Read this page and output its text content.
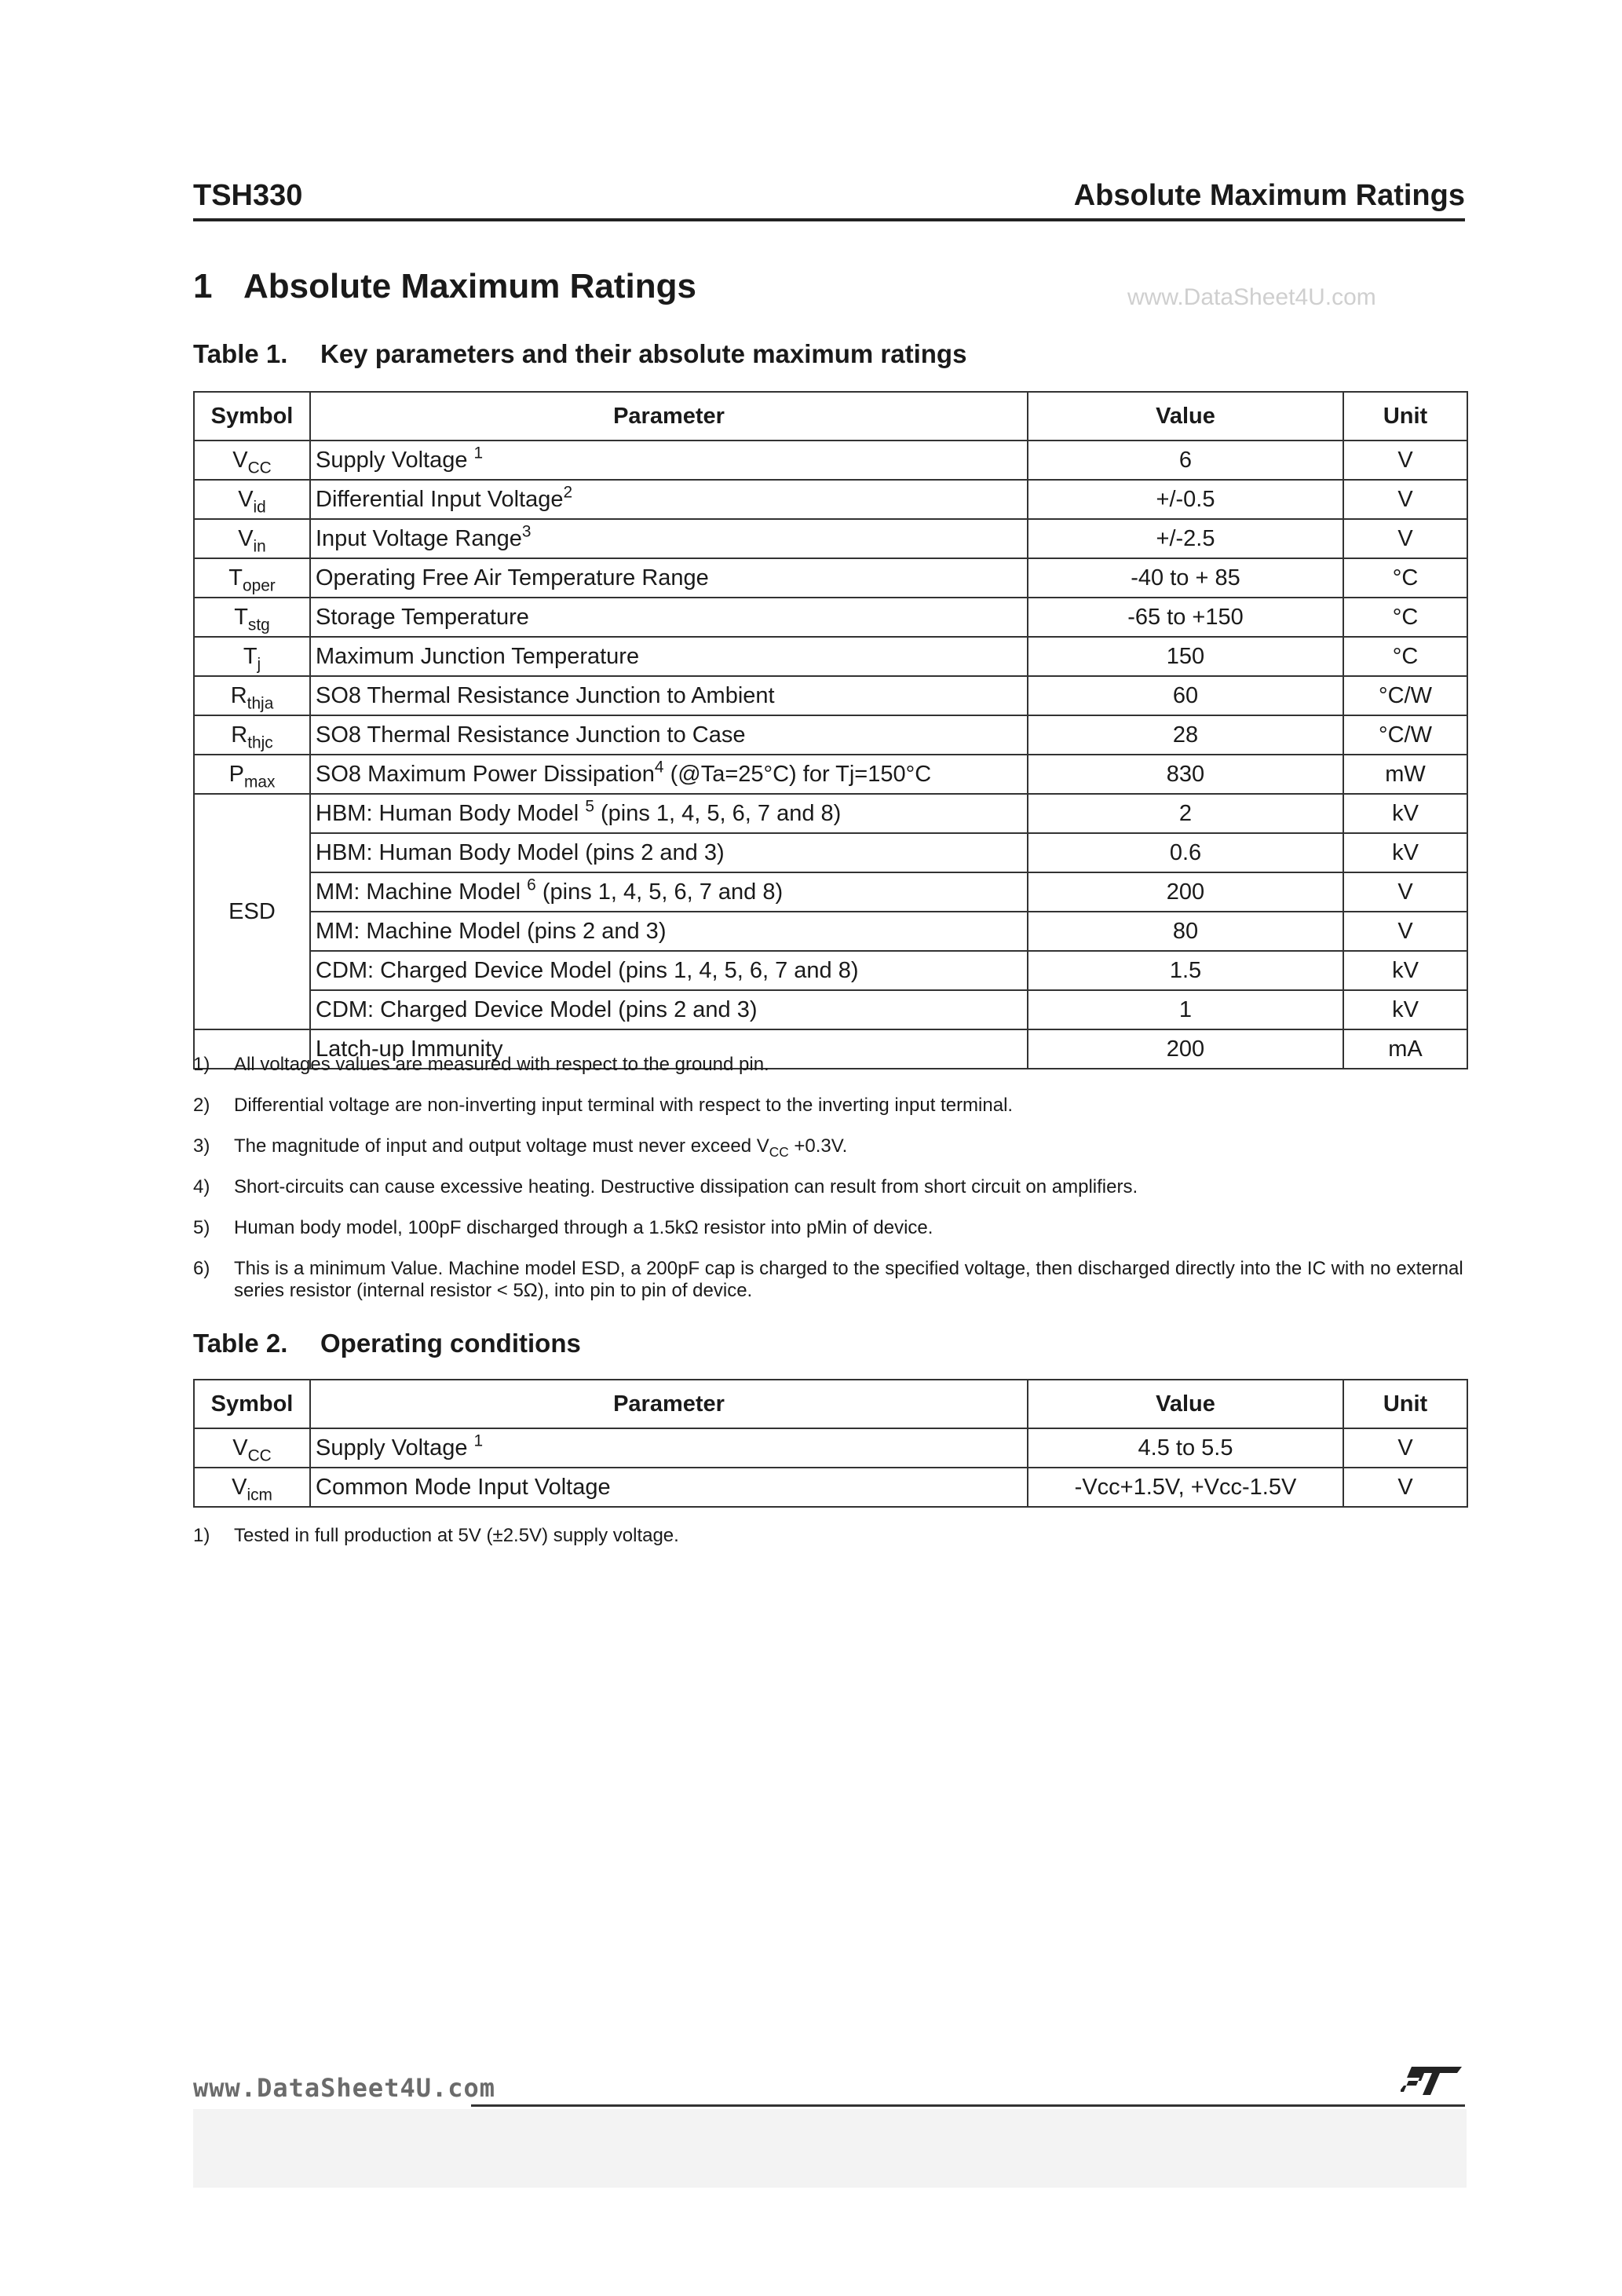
TSH330	Absolute Maximum Ratings
1 Absolute Maximum Ratings	www.DataSheet4U.com
Table 1. Key parameters and their absolute maximum ratings
Symbol	Parameter	Value	Unit
$V_{CC}$	Supply Voltage $^1$	6	V
$V_{id}$	Differential Input Voltage$^2$	+/-0.5	V
$V_{in}$	Input Voltage Range$^3$	+/-2.5	V
$T_{oper}$	Operating Free Air Temperature Range	-40 to + 85	°C
$T_{stg}$	Storage Temperature	-65 to +150	°C
$T_j$	Maximum Junction Temperature	150	°C
$R_{thja}$	SO8 Thermal Resistance Junction to Ambient	60	°C/W
$R_{thjc}$	SO8 Thermal Resistance Junction to Case	28	°C/W
$P_{max}$	SO8 Maximum Power Dissipation$^4$ (@Ta=25°C) for Tj=150°C	830	mW
ESD	HBM: Human Body Model $^5$ (pins 1, 4, 5, 6, 7 and 8)	2	kV
	HBM: Human Body Model (pins 2 and 3)	0.6	kV
	MM: Machine Model $^6$ (pins 1, 4, 5, 6, 7 and 8)	200	V
	MM: Machine Model (pins 2 and 3)	80	V
	CDM: Charged Device Model (pins 1, 4, 5, 6, 7 and 8)	1.5	kV
	CDM: Charged Device Model (pins 2 and 3)	1	kV
	Latch-up Immunity	200	mA
1) All voltages values are measured with respect to the ground pin.
2) Differential voltage are non-inverting input terminal with respect to the inverting input terminal.
3) The magnitude of input and output voltage must never exceed $V_{CC} +0.3V$.
4) Short-circuits can cause excessive heating. Destructive dissipation can result from short circuit on amplifiers.
5) Human body model, 100pF discharged through a 1.5kΩ resistor into pMin of device.
6) This is a minimum Value. Machine model ESD, a 200pF cap is charged to the specified voltage, then discharged directly into the IC with no external series resistor (internal resistor < 5Ω), into pin to pin of device.
Table 2. Operating conditions
Symbol	Parameter	Value	Unit
$V_{CC}$	Supply Voltage $^1$	4.5 to 5.5	V
$V_{icm}$	Common Mode Input Voltage	-Vcc+1.5V, +Vcc-1.5V	V
1) Tested in full production at 5V (±2.5V) supply voltage.
www.DataSheet4U.com
